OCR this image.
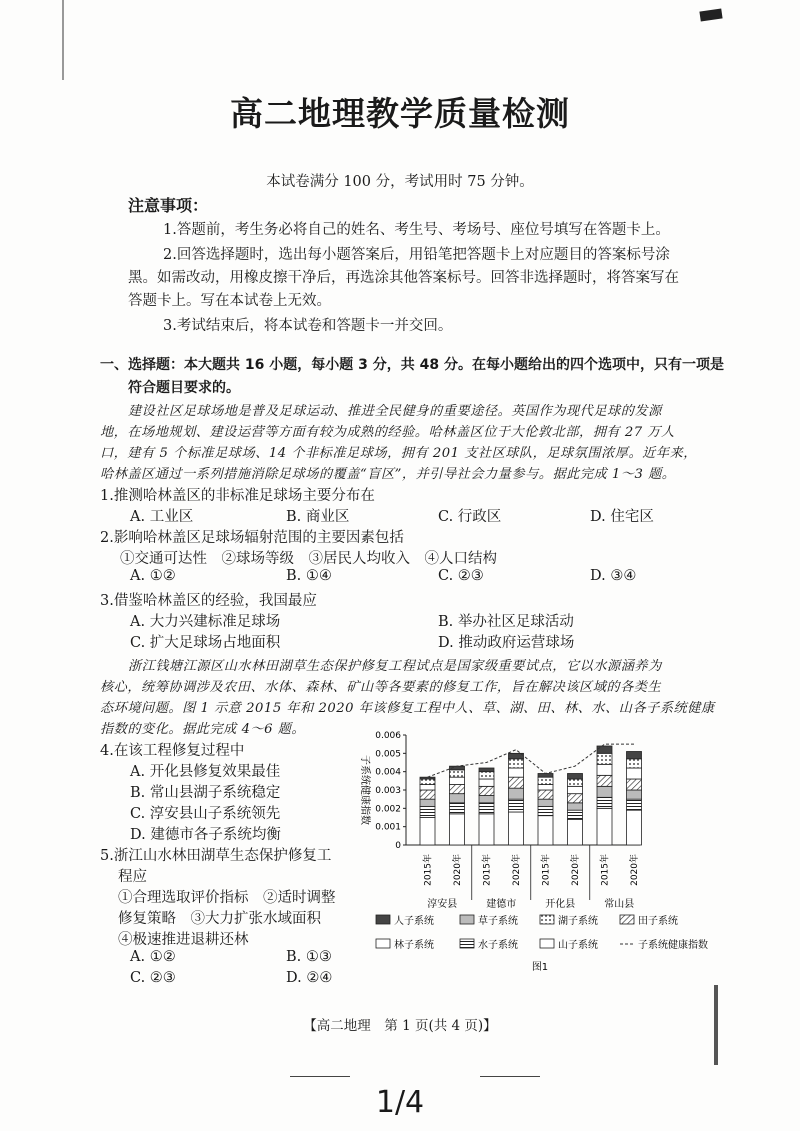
高二地理教学质量检测
本试卷满分 100 分，考试用时 75 分钟。
注意事项：
1.答题前，考生务必将自己的姓名、考生号、考场号、座位号填写在答题卡上。
2.回答选择题时，选出每小题答案后，用铅笔把答题卡上对应题目的答案标号涂
黑。如需改动，用橡皮擦干净后，再选涂其他答案标号。回答非选择题时，将答案写在
答题卡上。写在本试卷上无效。
3.考试结束后，将本试卷和答题卡一并交回。
一、选择题：本大题共 16 小题，每小题 3 分，共 48 分。在每小题给出的四个选项中，只有一项是
符合题目要求的。
建设社区足球场地是普及足球运动、推进全民健身的重要途径。英国作为现代足球的发源
地，在场地规划、建设运营等方面有较为成熟的经验。哈林盖区位于大伦敦北部，拥有 27 万人
口，建有 5 个标准足球场、14 个非标准足球场，拥有 201 支社区球队，足球氛围浓厚。近年来，
哈林盖区通过一系列措施消除足球场的覆盖“盲区”，并引导社会力量参与。据此完成 1～3 题。
1.推测哈林盖区的非标准足球场主要分布在
A. 工业区	B. 商业区	C. 行政区	D. 住宅区
2.影响哈林盖区足球场辐射范围的主要因素包括
①交通可达性　②球场等级　③居民人均收入　④人口结构
A. ①②	B. ①④	C. ②③	D. ③④
3.借鉴哈林盖区的经验，我国最应
A. 大力兴建标准足球场	B. 举办社区足球活动
C. 扩大足球场占地面积	D. 推动政府运营球场
浙江钱塘江源区山水林田湖草生态保护修复工程试点是国家级重要试点，它以水源涵养为
核心，统筹协调涉及农田、水体、森林、矿山等各要素的修复工作，旨在解决该区域的各类生
态环境问题。图 1 示意 2015 年和 2020 年该修复工程中人、草、湖、田、林、水、山各子系统健康
指数的变化。据此完成 4～6 题。
4.在该工程修复过程中
A. 开化县修复效果最佳
B. 常山县湖子系统稳定
C. 淳安县山子系统领先
D. 建德市各子系统均衡
5.浙江山水林田湖草生态保护修复工
程应
①合理选取评价指标　②适时调整
修复策略　③大力扩张水域面积
④极速推进退耕还林
A. ①②	B. ①③
C. ②③	D. ②④
0
0.001
0.002
0.003
0.004
0.005
0.006
子系统健康指数
2015年 2020年 2015年 2020年 2015年 2020年 2015年 2020年
淳安县	建德市	开化县	常山县
人子系统	草子系统	湖子系统	田子系统
林子系统	水子系统	山子系统	子系统健康指数
图1
【高二地理　第 1 页(共 4 页)】
1/4
